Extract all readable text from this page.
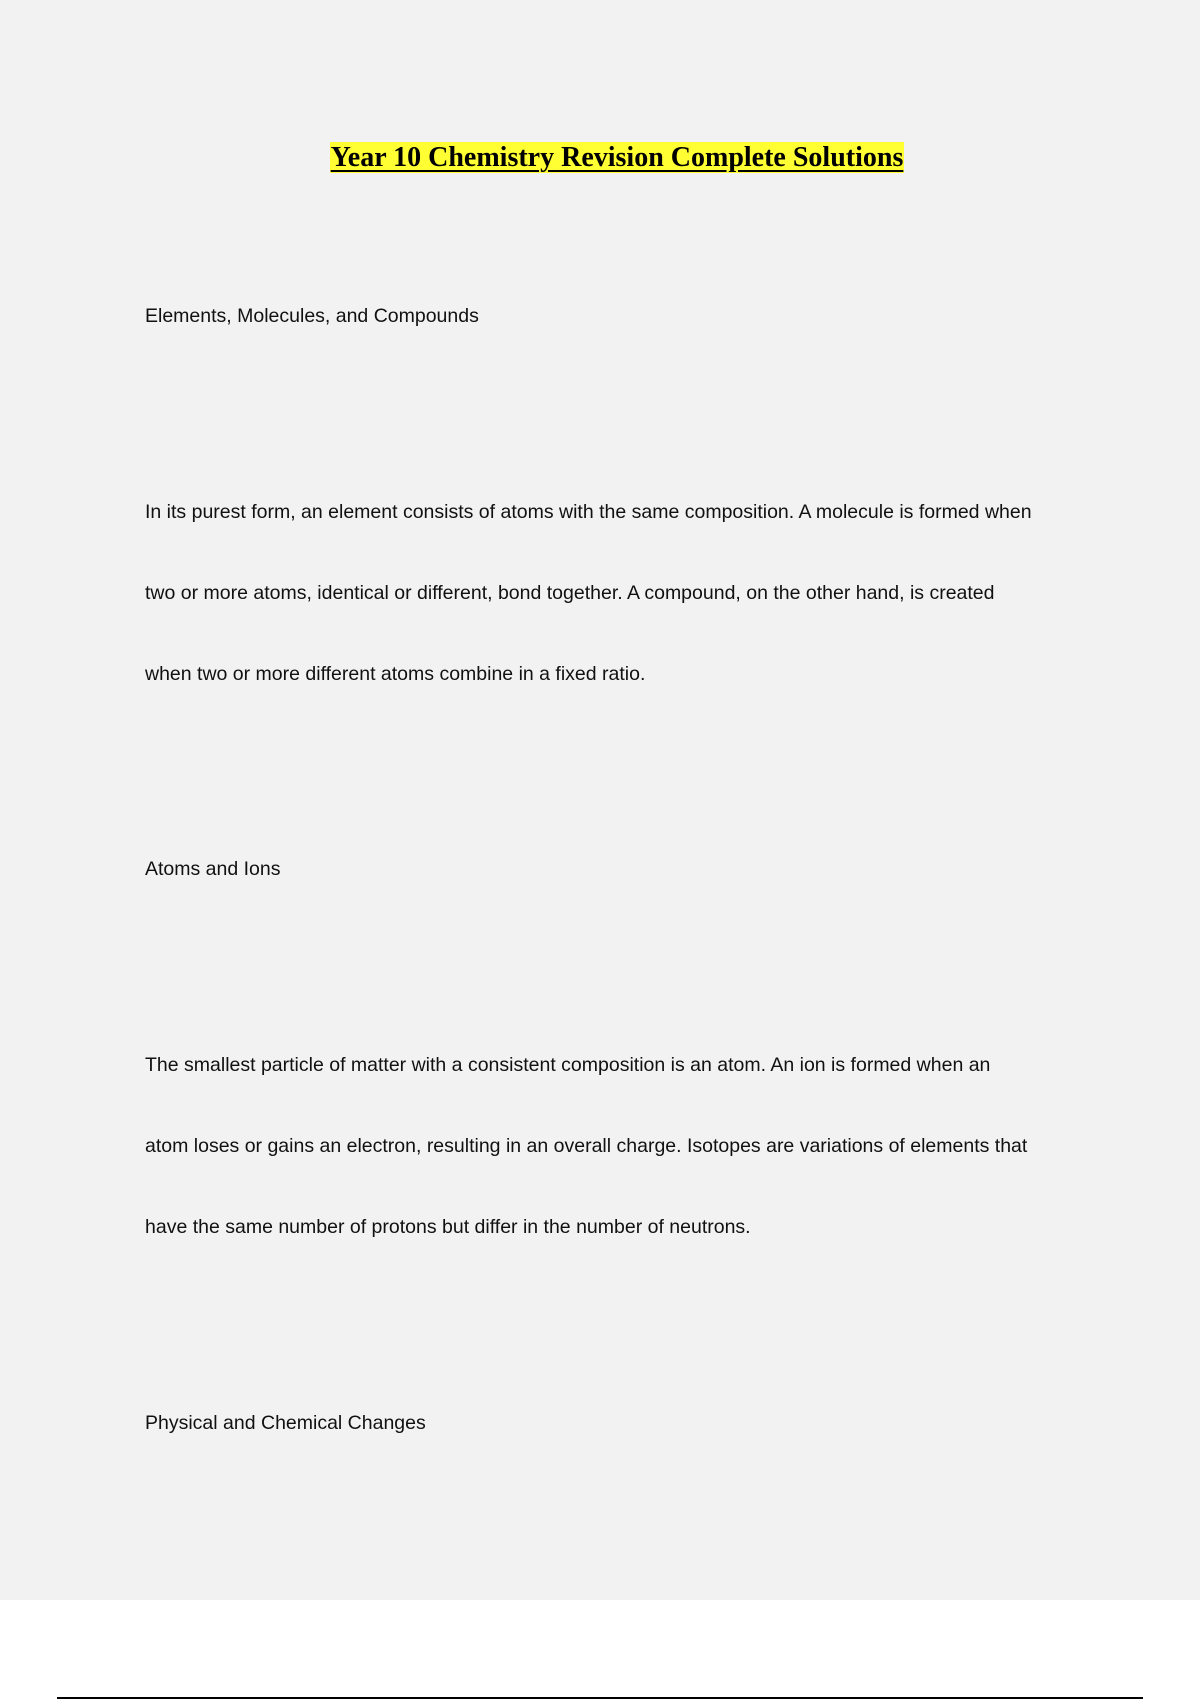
Year 10 Chemistry Revision Complete Solutions
Elements, Molecules, and Compounds
In its purest form, an element consists of atoms with the same composition. A molecule is formed when
two or more atoms, identical or different, bond together. A compound, on the other hand, is created
when two or more different atoms combine in a fixed ratio.
Atoms and Ions
The smallest particle of matter with a consistent composition is an atom. An ion is formed when an
atom loses or gains an electron, resulting in an overall charge. Isotopes are variations of elements that
have the same number of protons but differ in the number of neutrons.
Physical and Chemical Changes
